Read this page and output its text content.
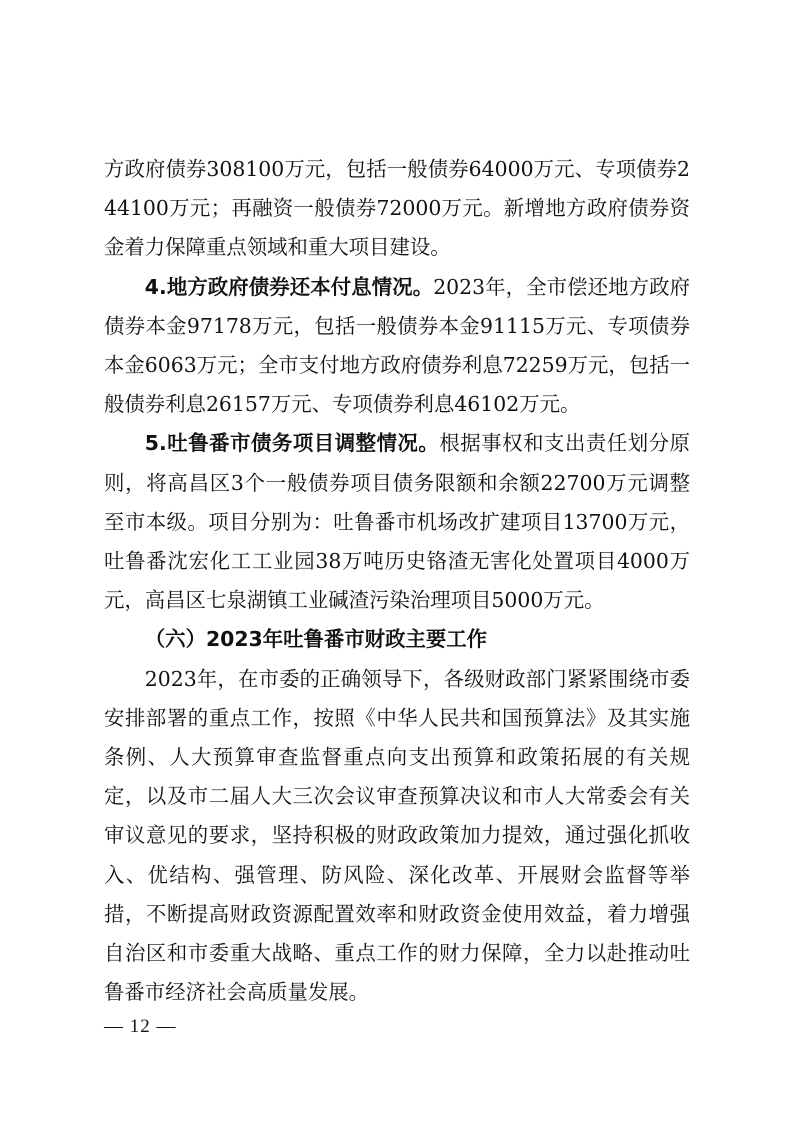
方政府债券308100万元，包括一般债券64000万元、专项债券244100万元；再融资一般债券72000万元。新增地方政府债券资金着力保障重点领域和重大项目建设。

4.地方政府债券还本付息情况。2023年，全市偿还地方政府债券本金97178万元，包括一般债券本金91115万元、专项债券本金6063万元；全市支付地方政府债券利息72259万元，包括一般债券利息26157万元、专项债券利息46102万元。

5.吐鲁番市债务项目调整情况。根据事权和支出责任划分原则，将高昌区3个一般债券项目债务限额和余额22700万元调整至市本级。项目分别为：吐鲁番市机场改扩建项目13700万元，吐鲁番沈宏化工工业园38万吨历史铬渣无害化处置项目4000万元，高昌区七泉湖镇工业碱渣污染治理项目5000万元。

（六）2023年吐鲁番市财政主要工作

2023年，在市委的正确领导下，各级财政部门紧紧围绕市委安排部署的重点工作，按照《中华人民共和国预算法》及其实施条例、人大预算审查监督重点向支出预算和政策拓展的有关规定，以及市二届人大三次会议审查预算决议和市人大常委会有关审议意见的要求，坚持积极的财政政策加力提效，通过强化抓收入、优结构、强管理、防风险、深化改革、开展财会监督等举措，不断提高财政资源配置效率和财政资金使用效益，着力增强自治区和市委重大战略、重点工作的财力保障，全力以赴推动吐鲁番市经济社会高质量发展。

— 12 —
